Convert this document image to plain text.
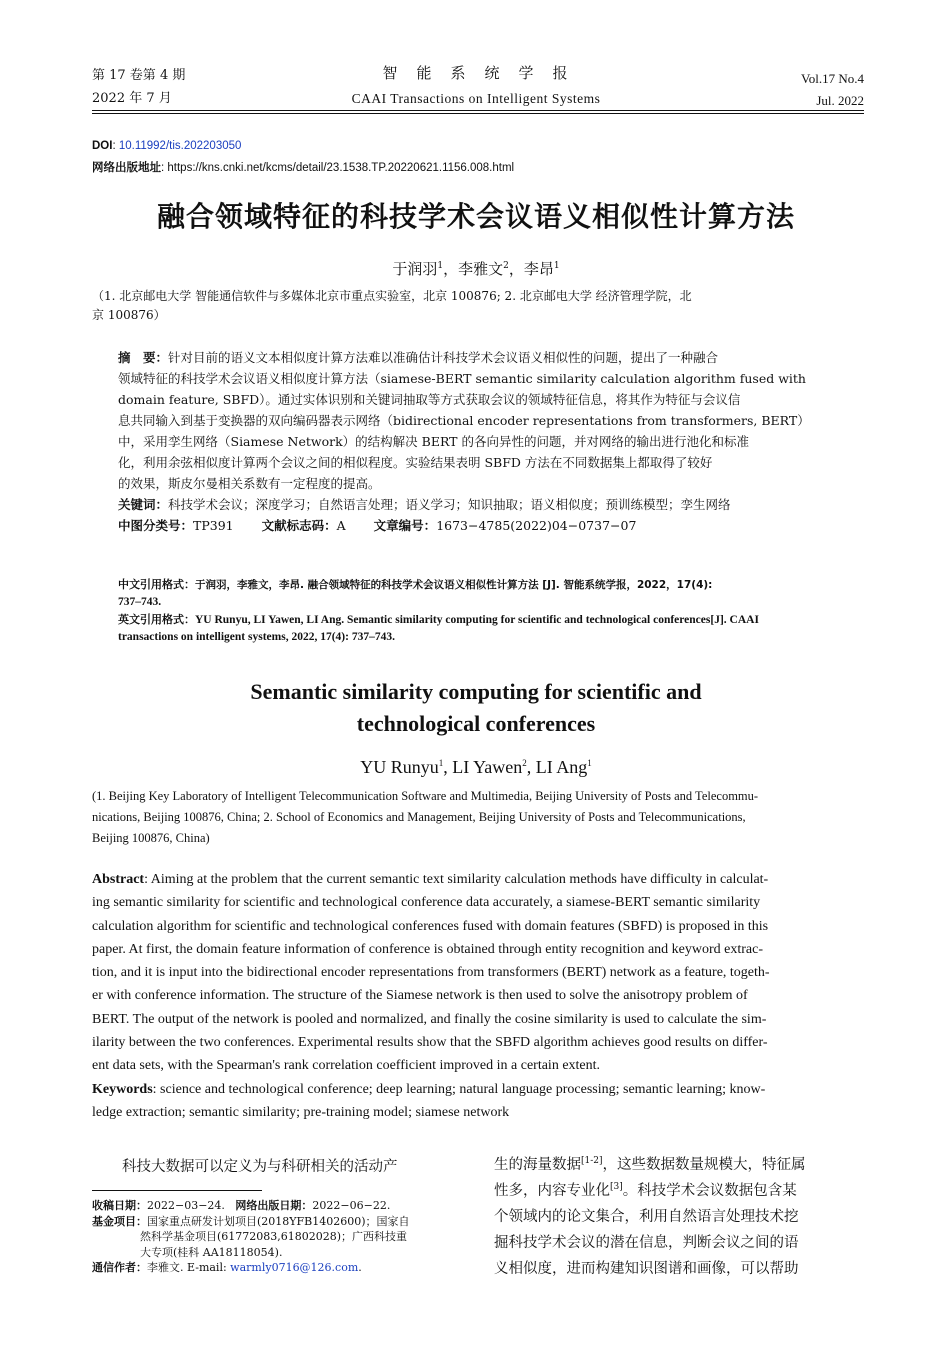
第 17 卷第 4 期
2022 年 7 月
智　能　系　统　学　报
CAAI Transactions on Intelligent Systems
Vol.17 No.4
Jul. 2022
DOI: 10.11992/tis.202203050
网络出版地址: https://kns.cnki.net/kcms/detail/23.1538.TP.20220621.1156.008.html
融合领域特征的科技学术会议语义相似性计算方法
于润羽$^1$，李雅文$^2$，李昂$^1$
（1. 北京邮电大学 智能通信软件与多媒体北京市重点实验室，北京 100876; 2. 北京邮电大学 经济管理学院，北
京 100876）
摘　要：针对目前的语义文本相似度计算方法难以准确估计科技学术会议语义相似性的问题，提出了一种融合
领域特征的科技学术会议语义相似度计算方法（siamese-BERT semantic similarity calculation algorithm fused with
domain feature, SBFD）。通过实体识别和关键词抽取等方式获取会议的领域特征信息，将其作为特征与会议信
息共同输入到基于变换器的双向编码器表示网络（bidirectional encoder representations from transformers, BERT）
中，采用孪生网络（Siamese Network）的结构解决 BERT 的各向异性的问题，并对网络的输出进行池化和标准
化，利用余弦相似度计算两个会议之间的相似程度。实验结果表明 SBFD 方法在不同数据集上都取得了较好
的效果，斯皮尔曼相关系数有一定程度的提高。
关键词：科技学术会议；深度学习；自然语言处理；语义学习；知识抽取；语义相似度；预训练模型；孪生网络
中图分类号：TP391 文献标志码：A 文章编号：1673−4785(2022)04−0737−07
中文引用格式：于润羽，李雅文，李昂. 融合领域特征的科技学术会议语义相似性计算方法 [J]. 智能系统学报，2022，17(4):
737–743.
英文引用格式：YU Runyu, LI Yawen, LI Ang. Semantic similarity computing for scientific and technological conferences[J]. CAAI
transactions on intelligent systems, 2022, 17(4): 737–743.
Semantic similarity computing for scientific and
technological conferences
YU Runyu$^1$, LI Yawen$^2$, LI Ang$^1$
(1. Beijing Key Laboratory of Intelligent Telecommunication Software and Multimedia, Beijing University of Posts and Telecommu-
nications, Beijing 100876, China; 2. School of Economics and Management, Beijing University of Posts and Telecommunications,
Beijing 100876, China)
Abstract: Aiming at the problem that the current semantic text similarity calculation methods have difficulty in calculat-
ing semantic similarity for scientific and technological conference data accurately, a siamese-BERT semantic similarity
calculation algorithm for scientific and technological conferences fused with domain features (SBFD) is proposed in this
paper. At first, the domain feature information of conference is obtained through entity recognition and keyword extrac-
tion, and it is input into the bidirectional encoder representations from transformers (BERT) network as a feature, togeth-
er with conference information. The structure of the Siamese network is then used to solve the anisotropy problem of
BERT. The output of the network is pooled and normalized, and finally the cosine similarity is used to calculate the sim-
ilarity between the two conferences. Experimental results show that the SBFD algorithm achieves good results on differ-
ent data sets, with the Spearman's rank correlation coefficient improved in a certain extent.
Keywords: science and technological conference; deep learning; natural language processing; semantic learning; know-
ledge extraction; semantic similarity; pre-training model; siamese network
科技大数据可以定义为与科研相关的活动产
收稿日期：2022−03−24. 网络出版日期：2022−06−22.
基金项目：国家重点研发计划项目(2018YFB1402600)；国家自
然科学基金项目(61772083,61802028)；广西科技重
大专项(桂科 AA18118054).
通信作者：李雅文. E-mail: warmly0716@126.com.
生的海量数据[1-2]，这些数据数量规模大，特征属
性多，内容专业化[3]。科技学术会议数据包含某
个领域内的论文集合，利用自然语言处理技术挖
掘科技学术会议的潜在信息，判断会议之间的语
义相似度，进而构建知识图谱和画像，可以帮助
